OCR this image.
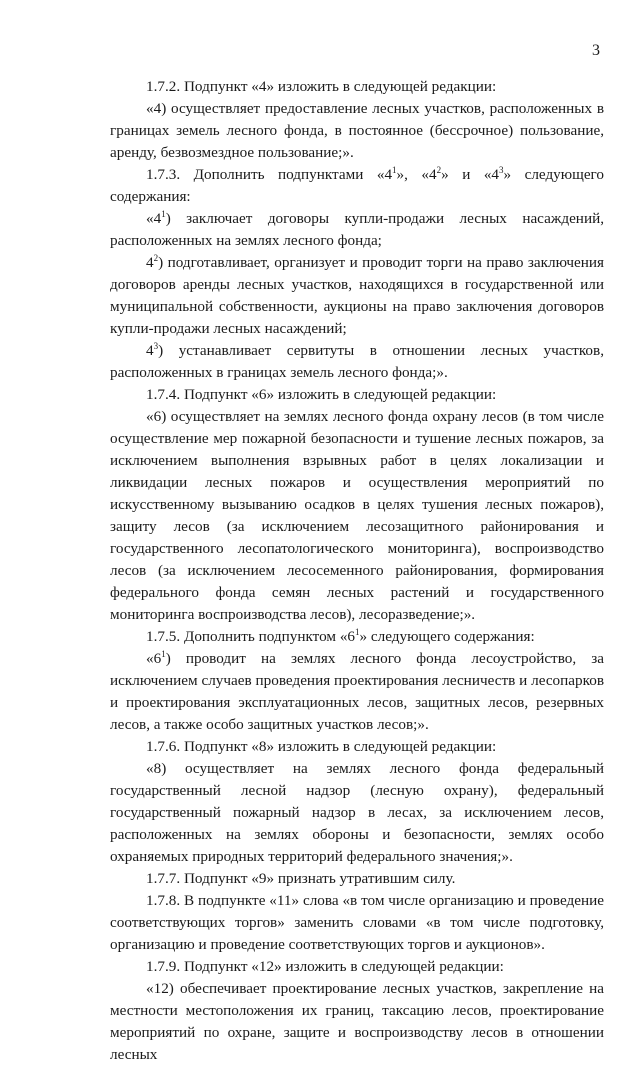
3

1.7.2. Подпункт «4» изложить в следующей редакции:

«4) осуществляет предоставление лесных участков, расположенных в границах земель лесного фонда, в постоянное (бессрочное) пользование, аренду, безвозмездное пользование;».

1.7.3. Дополнить подпунктами «$4^1$», «$4^2$» и «$4^3$» следующего содержания:

«$4^1$) заключает договоры купли-продажи лесных насаждений, расположенных на землях лесного фонда;

$4^2$) подготавливает, организует и проводит торги на право заключения договоров аренды лесных участков, находящихся в государственной или муниципальной собственности, аукционы на право заключения договоров купли-продажи лесных насаждений;

$4^3$) устанавливает сервитуты в отношении лесных участков, расположенных в границах земель лесного фонда;».

1.7.4. Подпункт «6» изложить в следующей редакции:

«6) осуществляет на землях лесного фонда охрану лесов (в том числе осуществление мер пожарной безопасности и тушение лесных пожаров, за исключением выполнения взрывных работ в целях локализации и ликвидации лесных пожаров и осуществления мероприятий по искусственному вызыванию осадков в целях тушения лесных пожаров), защиту лесов (за исключением лесозащитного районирования и государственного лесопатологического мониторинга), воспроизводство лесов (за исключением лесосеменного районирования, формирования федерального фонда семян лесных растений и государственного мониторинга воспроизводства лесов), лесоразведение;».

1.7.5. Дополнить подпунктом «$6^1$» следующего содержания:

«$6^1$) проводит на землях лесного фонда лесоустройство, за исключением случаев проведения проектирования лесничеств и лесопарков и проектирования эксплуатационных лесов, защитных лесов, резервных лесов, а также особо защитных участков лесов;».

1.7.6. Подпункт «8» изложить в следующей редакции:

«8) осуществляет на землях лесного фонда федеральный государственный лесной надзор (лесную охрану), федеральный государственный пожарный надзор в лесах, за исключением лесов, расположенных на землях обороны и безопасности, землях особо охраняемых природных территорий федерального значения;».

1.7.7. Подпункт «9» признать утратившим силу.

1.7.8. В подпункте «11» слова «в том числе организацию и проведение соответствующих торгов» заменить словами «в том числе подготовку, организацию и проведение соответствующих торгов и аукционов».

1.7.9. Подпункт «12» изложить в следующей редакции:

«12) обеспечивает проектирование лесных участков, закрепление на местности местоположения их границ, таксацию лесов, проектирование мероприятий по охране, защите и воспроизводству лесов в отношении лесных
